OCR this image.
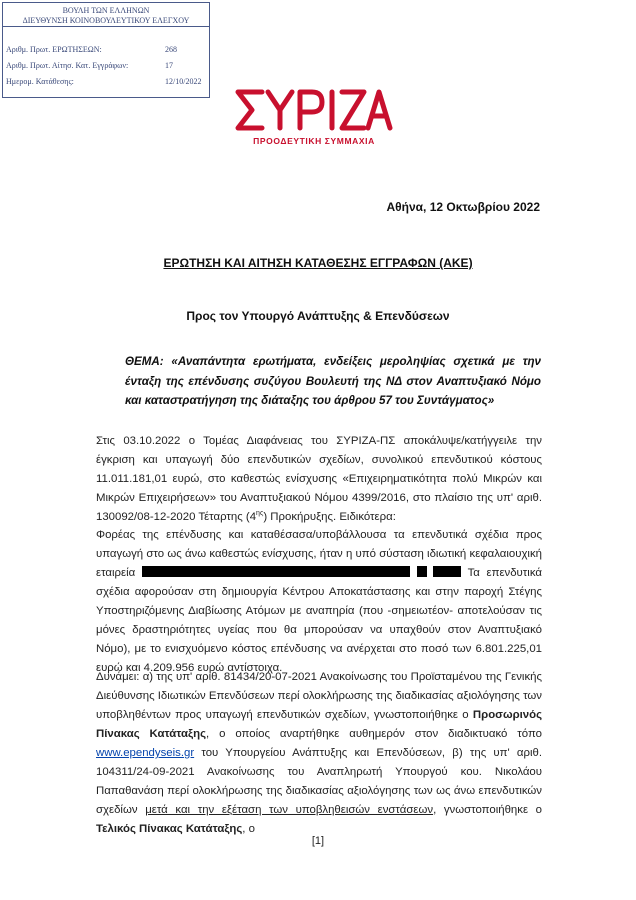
ΒΟΥΛΗ ΤΩΝ ΕΛΛΗΝΩΝ
ΔΙΕΥΘΥΝΣΗ ΚΟΙΝΟΒΟΥΛΕΥΤΙΚΟΥ ΕΛΕΓΧΟΥ
Αριθμ. Πρωτ. ΕΡΩΤΗΣΕΩΝ:	268
Αριθμ. Πρωτ. Αίτησ. Κατ. Εγγράφων:	17
Ημερομ. Κατάθεσης:	12/10/2022
ΠΡΟΟΔΕΥΤΙΚΗ ΣΥΜΜΑΧΙΑ
Αθήνα, 12 Οκτωβρίου 2022
ΕΡΩΤΗΣΗ ΚΑΙ ΑΙΤΗΣΗ ΚΑΤΑΘΕΣΗΣ ΕΓΓΡΑΦΩΝ (ΑΚΕ)
Προς τον Υπουργό Ανάπτυξης & Επενδύσεων
ΘΕΜΑ: «Αναπάντητα ερωτήματα, ενδείξεις μεροληψίας σχετικά με την ένταξη της επένδυσης συζύγου Βουλευτή της ΝΔ στον Αναπτυξιακό Νόμο και καταστρατήγηση της διάταξης του άρθρου 57 του Συντάγματος»

Στις 03.10.2022 ο Τομέας Διαφάνειας του ΣΥΡΙΖΑ-ΠΣ αποκάλυψε/κατήγγειλε την έγκριση και υπαγωγή δύο επενδυτικών σχεδίων, συνολικού επενδυτικού κόστους 11.011.181,01 ευρώ, στο καθεστώς ενίσχυσης «Επιχειρηματικότητα πολύ Μικρών και Μικρών Επιχειρήσεων» του Αναπτυξιακού Νόμου 4399/2016, στο πλαίσιο της υπ' αριθ. 130092/08-12-2020 Τέταρτης $(4^{\eta\varsigma})$ Προκήρυξης. Ειδικότερα:

Φορέας της επένδυσης και καταθέσασα/υποβάλλουσα τα επενδυτικά σχέδια προς υπαγωγή στο ως άνω καθεστώς ενίσχυσης, ήταν η υπό σύσταση ιδιωτική κεφαλαιουχική εταιρεία	Τα επενδυτικά σχέδια αφορούσαν στη δημιουργία Κέντρου Αποκατάστασης και στην παροχή Στέγης Υποστηριζόμενης Διαβίωσης Ατόμων με αναπηρία (που -σημειωτέον- αποτελούσαν τις μόνες δραστηριότητες υγείας που θα μπορούσαν να υπαχθούν στον Αναπτυξιακό Νόμο), με το ενισχυόμενο κόστος επένδυσης να ανέρχεται στο ποσό των 6.801.225,01 ευρώ και 4.209.956 ευρώ αντίστοιχα.

Δυνάμει: α) της υπ' αριθ. 81434/20-07-2021 Ανακοίνωσης του Προϊσταμένου της Γενικής Διεύθυνσης Ιδιωτικών Επενδύσεων περί ολοκλήρωσης της διαδικασίας αξιολόγησης των υποβληθέντων προς υπαγωγή επενδυτικών σχεδίων, γνωστοποιήθηκε ο Προσωρινός Πίνακας Κατάταξης, ο οποίος αναρτήθηκε αυθημερόν στον διαδικτυακό τόπο www.ependyseis.gr του Υπουργείου Ανάπτυξης και Επενδύσεων, β) της υπ' αριθ. 104311/24-09-2021 Ανακοίνωσης του Αναπληρωτή Υπουργού κου. Νικολάου Παπαθανάση περί ολοκλήρωσης της διαδικασίας αξιολόγησης των ως άνω επενδυτικών σχεδίων μετά και την εξέταση των υποβληθεισών ενστάσεων, γνωστοποιήθηκε ο Τελικός Πίνακας Κατάταξης, ο

[1]
